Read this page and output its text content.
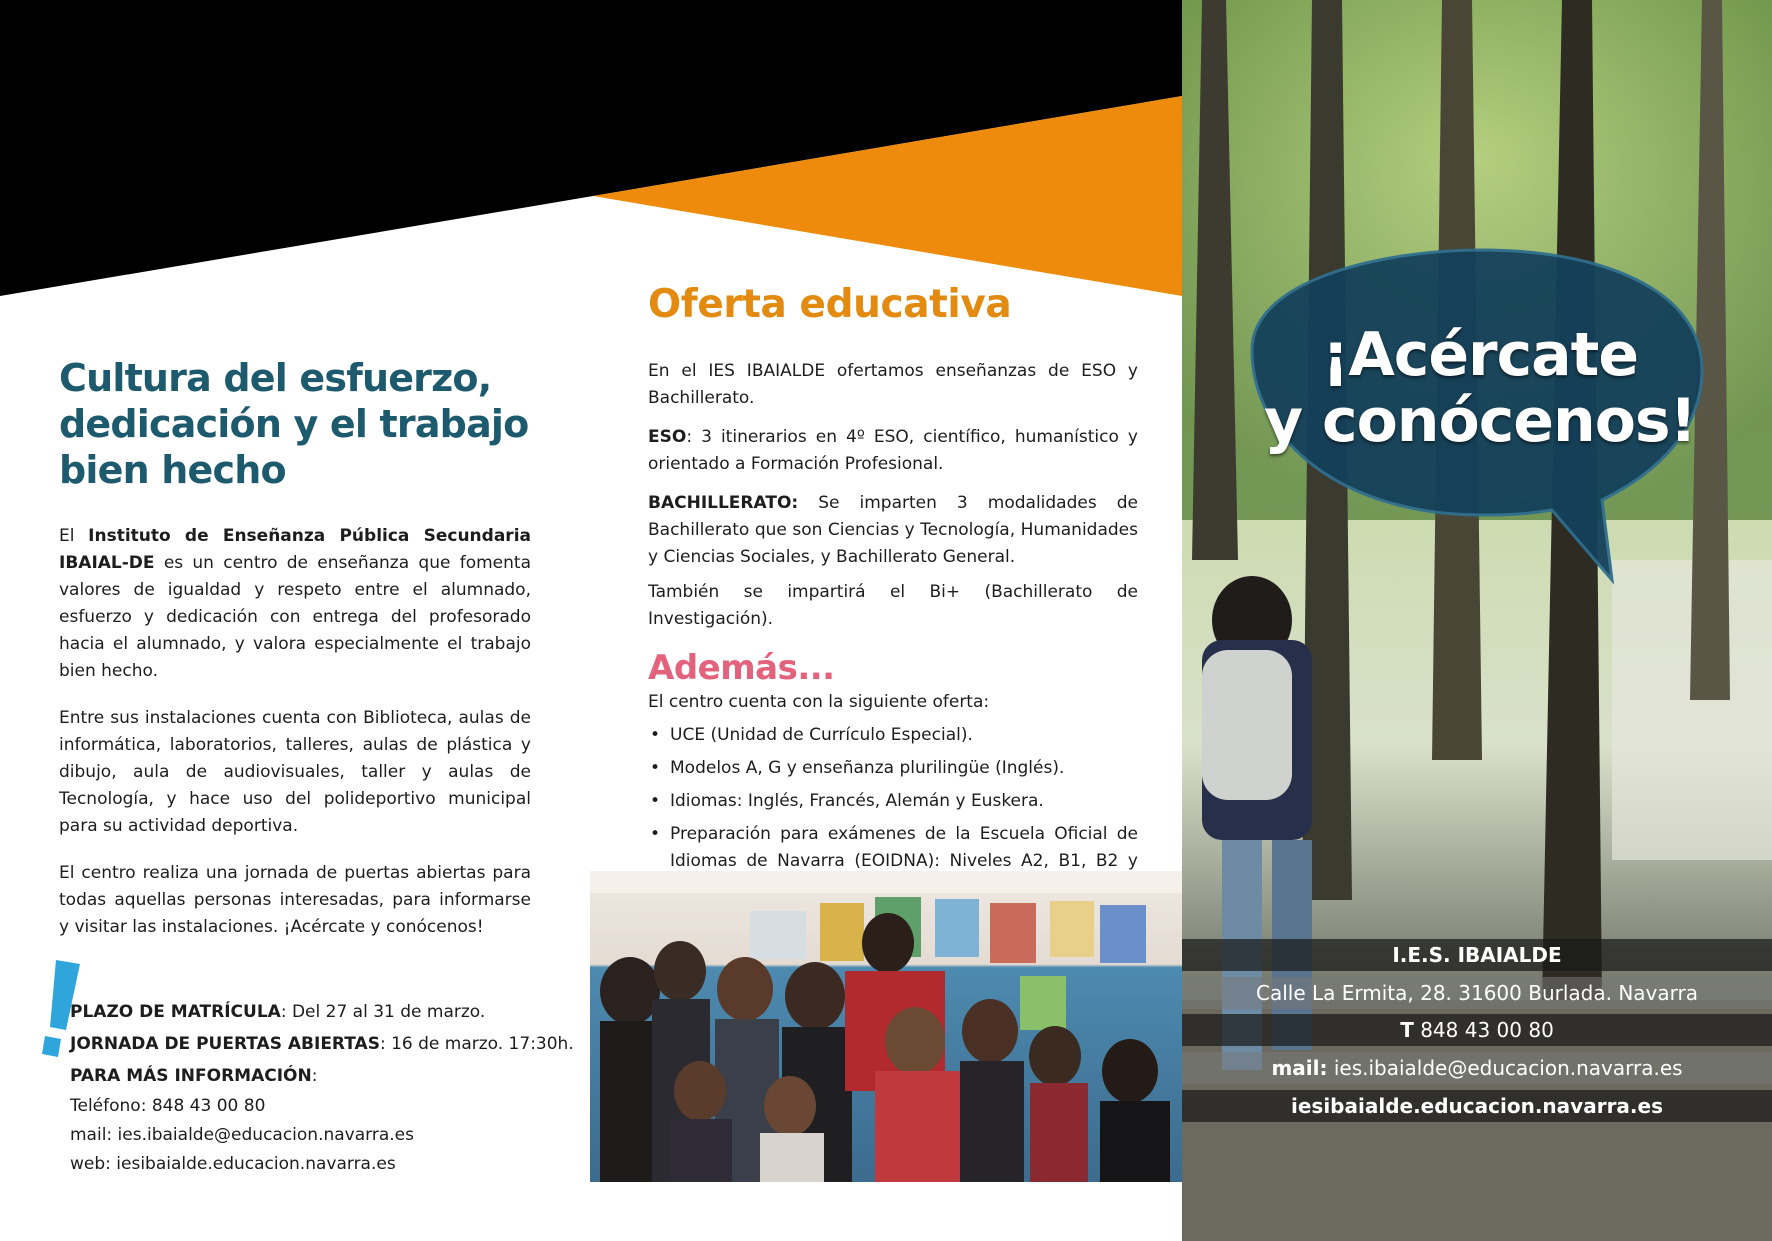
Cultura del esfuerzo,
dedicación y el trabajo
bien hecho

El Instituto de Enseñanza Pública Secundaria IBAIAL-DE es un centro de enseñanza que fomenta valores de igualdad y respeto entre el alumnado, esfuerzo y dedicación con entrega del profesorado hacia el alumnado, y valora especialmente el trabajo bien hecho.

Entre sus instalaciones cuenta con Biblioteca, aulas de informática, laboratorios, talleres, aulas de plástica y dibujo, aula de audiovisuales, taller y aulas de Tecnología, y hace uso del polideportivo municipal para su actividad deportiva.

El centro realiza una jornada de puertas abiertas para todas aquellas personas interesadas, para informarse y visitar las instalaciones. ¡Acércate y conócenos!

PLAZO DE MATRÍCULA: Del 27 al 31 de marzo.
JORNADA DE PUERTAS ABIERTAS: 16 de marzo. 17:30h.
PARA MÁS INFORMACIÓN:
Teléfono: 848 43 00 80
mail: ies.ibaialde@educacion.navarra.es
web: iesibaialde.educacion.navarra.es
Oferta educativa

En el IES IBAIALDE ofertamos enseñanzas de ESO y Bachillerato.

ESO: 3 itinerarios en 4º ESO, científico, humanístico y orientado a Formación Profesional.

BACHILLERATO: Se imparten 3 modalidades de Bachillerato que son Ciencias y Tecnología, Humanidades y Ciencias Sociales, y Bachillerato General.

También se impartirá el Bi+ (Bachillerato de Investigación).

Además...

El centro cuenta con la siguiente oferta:

• UCE (Unidad de Currículo Especial).
• Modelos A, G y enseñanza plurilingüe (Inglés).
• Idiomas: Inglés, Francés, Alemán y Euskera.
• Preparación para exámenes de la Escuela Oficial de Idiomas de Navarra (EOIDNA): Niveles A2, B1, B2 y
¡Acércate
y conócenos!
I.E.S. IBAIALDE
Calle La Ermita, 28. 31600 Burlada. Navarra
T 848 43 00 80
mail: ies.ibaialde@educacion.navarra.es
iesibaialde.educacion.navarra.es
